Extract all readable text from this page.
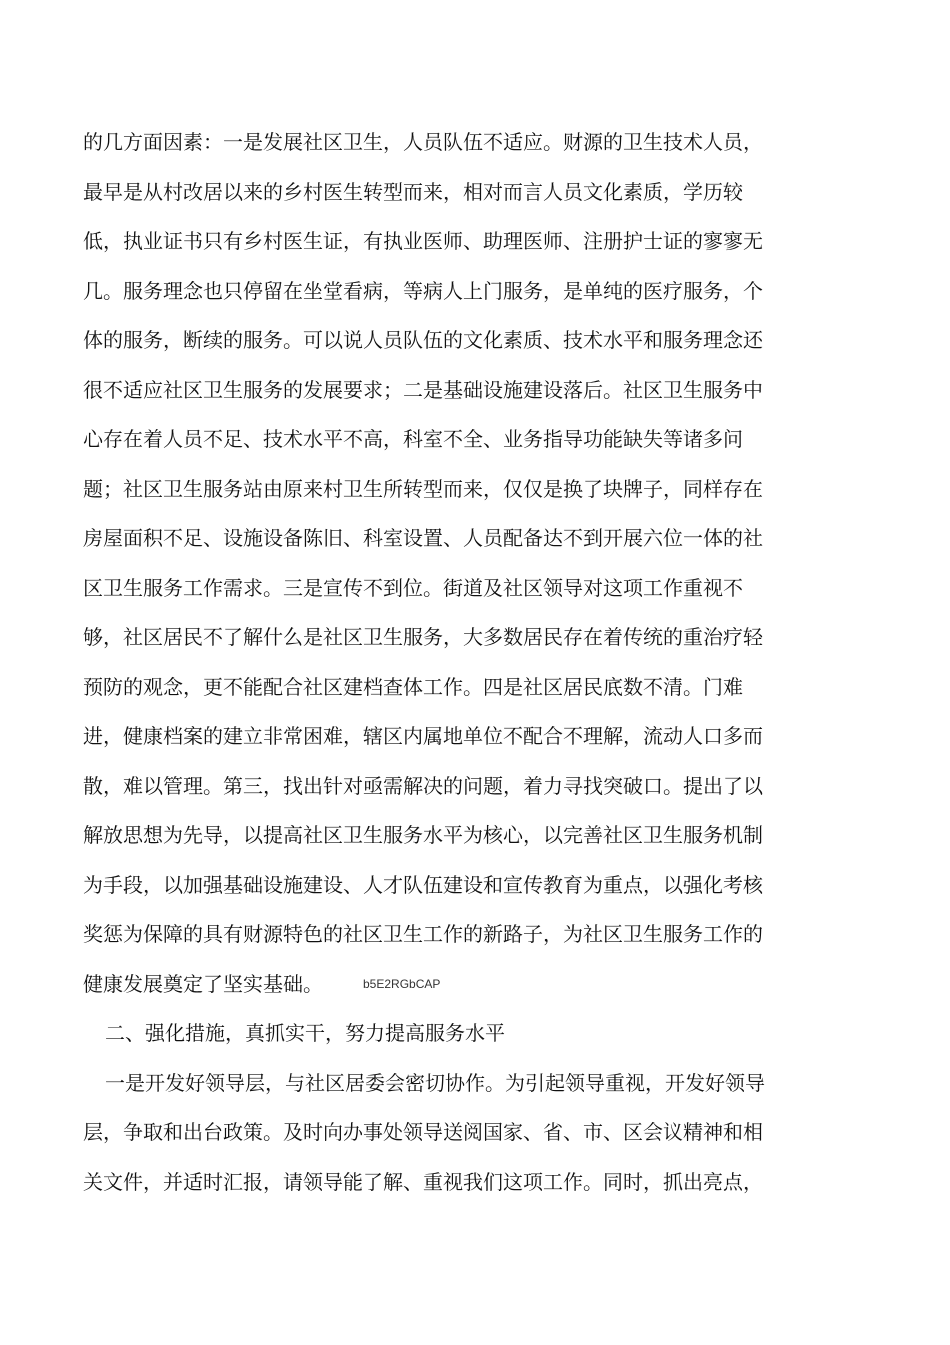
的几方面因素：一是发展社区卫生，人员队伍不适应。财源的卫生技术人员，
最早是从村改居以来的乡村医生转型而来，相对而言人员文化素质，学历较
低，执业证书只有乡村医生证，有执业医师、助理医师、注册护士证的寥寥无
几。服务理念也只停留在坐堂看病，等病人上门服务，是单纯的医疗服务，个
体的服务，断续的服务。可以说人员队伍的文化素质、技术水平和服务理念还
很不适应社区卫生服务的发展要求；二是基础设施建设落后。社区卫生服务中
心存在着人员不足、技术水平不高，科室不全、业务指导功能缺失等诸多问
题；社区卫生服务站由原来村卫生所转型而来，仅仅是换了块牌子，同样存在
房屋面积不足、设施设备陈旧、科室设置、人员配备达不到开展六位一体的社
区卫生服务工作需求。三是宣传不到位。街道及社区领导对这项工作重视不
够，社区居民不了解什么是社区卫生服务，大多数居民存在着传统的重治疗轻
预防的观念，更不能配合社区建档查体工作。四是社区居民底数不清。门难
进，健康档案的建立非常困难，辖区内属地单位不配合不理解，流动人口多而
散，难以管理。第三，找出针对亟需解决的问题，着力寻找突破口。提出了以
解放思想为先导，以提高社区卫生服务水平为核心，以完善社区卫生服务机制
为手段，以加强基础设施建设、人才队伍建设和宣传教育为重点，以强化考核
奖惩为保障的具有财源特色的社区卫生工作的新路子，为社区卫生服务工作的
健康发展奠定了坚实基础。	b5E2RGbCAP
二、强化措施，真抓实干，努力提高服务水平
一是开发好领导层，与社区居委会密切协作。为引起领导重视，开发好领导
层，争取和出台政策。及时向办事处领导送阅国家、省、市、区会议精神和相
关文件，并适时汇报，请领导能了解、重视我们这项工作。同时，抓出亮点，
